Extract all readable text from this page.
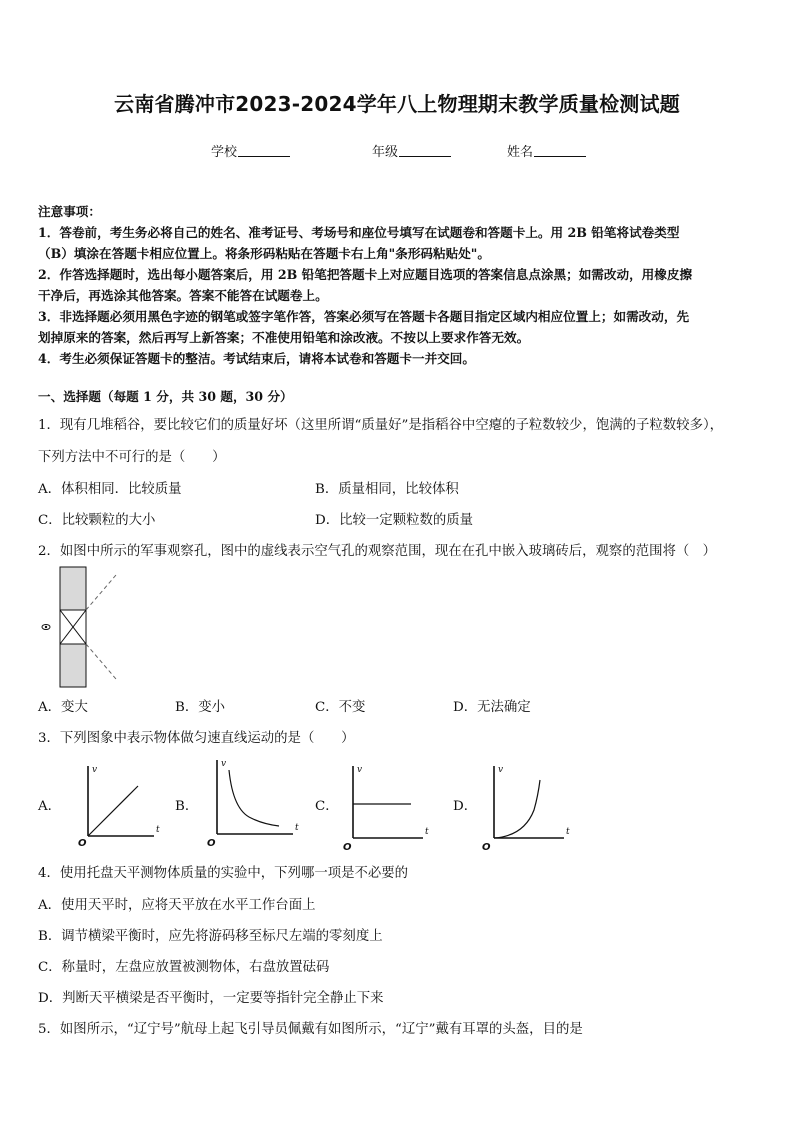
云南省腾冲市2023-2024学年八上物理期末教学质量检测试题
学校	年级	姓名
注意事项：
1．答卷前，考生务必将自己的姓名、准考证号、考场号和座位号填写在试题卷和答题卡上。用 2B 铅笔将试卷类型
（B）填涂在答题卡相应位置上。将条形码粘贴在答题卡右上角"条形码粘贴处"。
2．作答选择题时，选出每小题答案后，用 2B 铅笔把答题卡上对应题目选项的答案信息点涂黑；如需改动，用橡皮擦
干净后，再选涂其他答案。答案不能答在试题卷上。
3．非选择题必须用黑色字迹的钢笔或签字笔作答，答案必须写在答题卡各题目指定区域内相应位置上；如需改动，先
划掉原来的答案，然后再写上新答案；不准使用铅笔和涂改液。不按以上要求作答无效。
4．考生必须保证答题卡的整洁。考试结束后，请将本试卷和答题卡一并交回。
一、选择题（每题 1 分，共 30 题，30 分）
1．现有几堆稻谷，要比较它们的质量好坏（这里所谓“质量好”是指稻谷中空瘪的子粒数较少，饱满的子粒数较多），
下列方法中不可行的是（　　）
A．体积相同．比较质量	B．质量相同，比较体积
C．比较颗粒的大小	D．比较一定颗粒数的质量
2．如图中所示的军事观察孔，图中的虚线表示空气孔的观察范围，现在在孔中嵌入玻璃砖后，观察的范围将（　）
A．变大	B．变小	C．不变	D．无法确定
3．下列图象中表示物体做匀速直线运动的是（　　）
A．	B．	C．	D．
v
t
O
v
t
O
v
t
O
v
t
O
4．使用托盘天平测物体质量的实验中，下列哪一项是不必要的
A．使用天平时，应将天平放在水平工作台面上
B．调节横梁平衡时，应先将游码移至标尺左端的零刻度上
C．称量时，左盘应放置被测物体，右盘放置砝码
D．判断天平横梁是否平衡时，一定要等指针完全静止下来
5．如图所示，“辽宁号”航母上起飞引导员佩戴有如图所示，“辽宁”戴有耳罩的头盔，目的是
